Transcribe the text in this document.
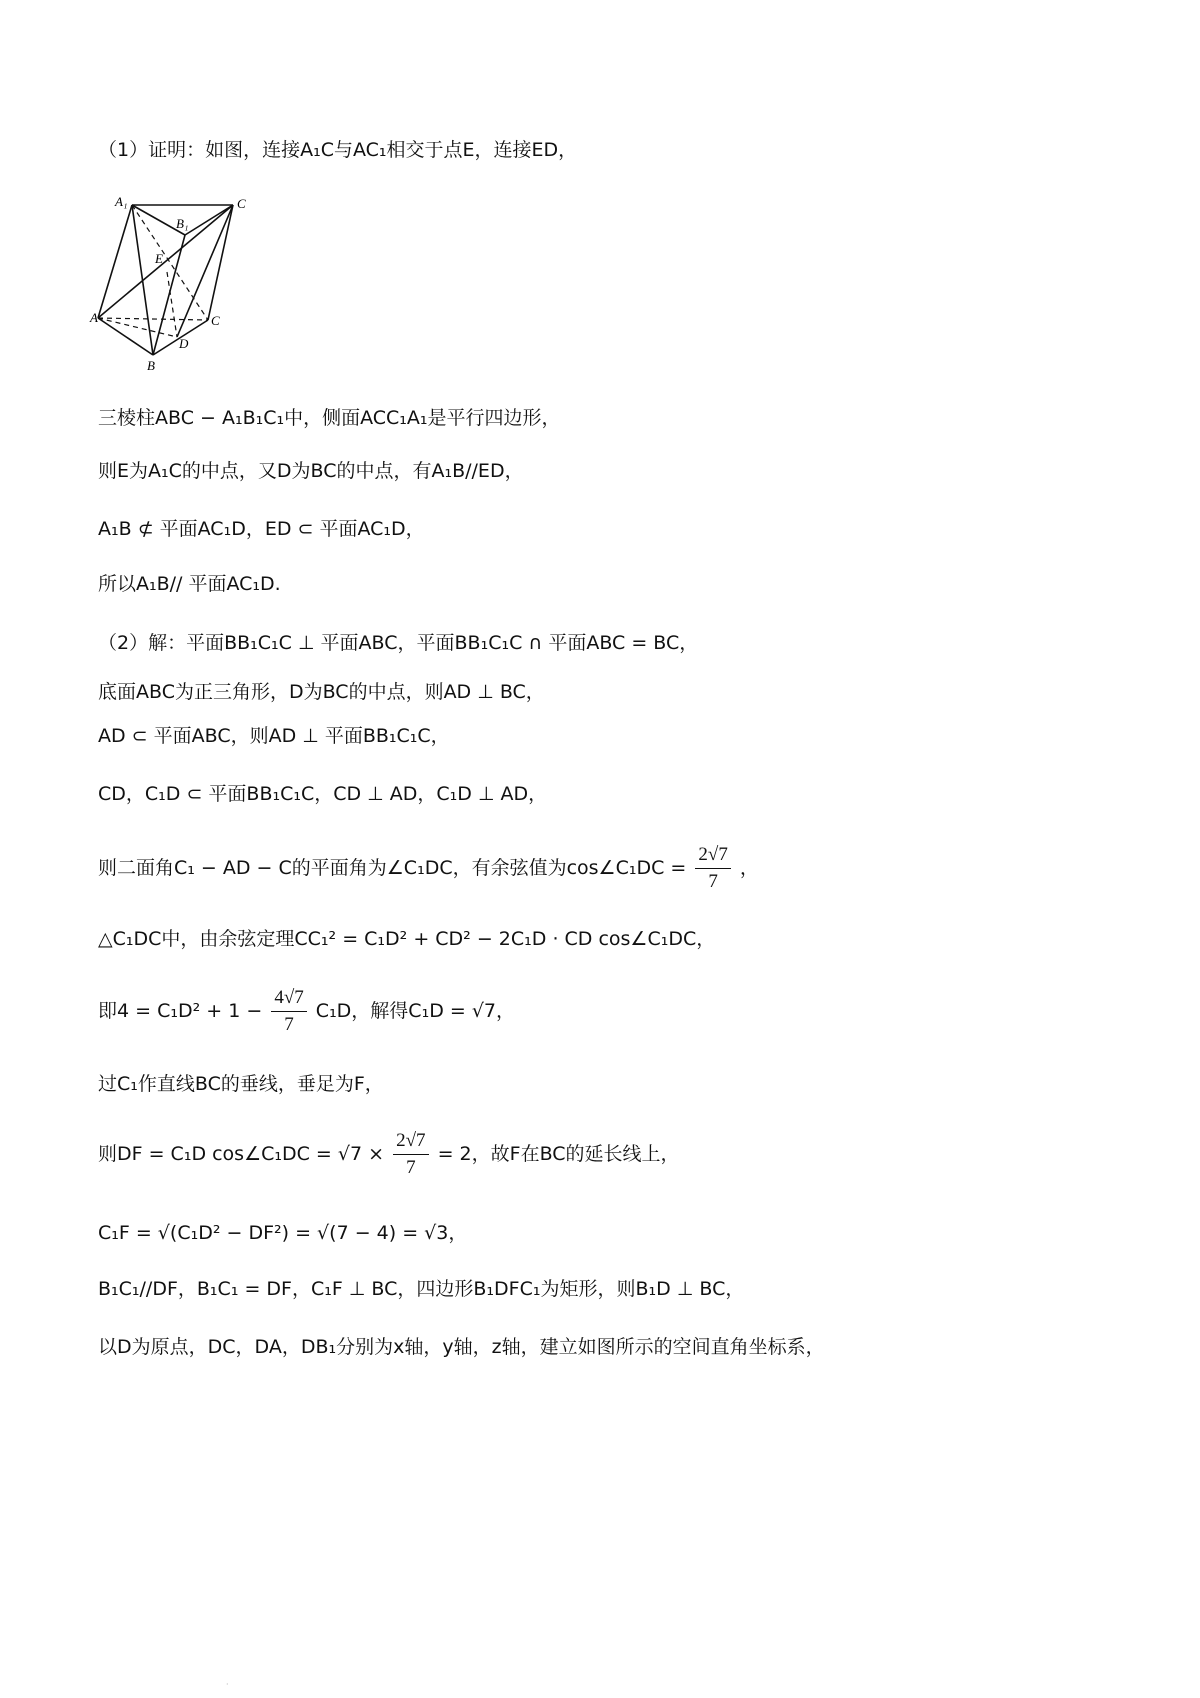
（1）证明：如图，连接A₁C与AC₁相交于点E，连接ED，
A₁	C
B₁
E
A	C
D
B
三棱柱ABC − A₁B₁C₁中，侧面ACC₁A₁是平行四边形，
则E为A₁C的中点，又D为BC的中点，有A₁B//ED，
A₁B ⊄ 平面AC₁D，ED ⊂ 平面AC₁D，
所以A₁B// 平面AC₁D.
（2）解：平面BB₁C₁C ⊥ 平面ABC，平面BB₁C₁C ∩ 平面ABC = BC，
底面ABC为正三角形，D为BC的中点，则AD ⊥ BC，
AD ⊂ 平面ABC，则AD ⊥ 平面BB₁C₁C，
CD，C₁D ⊂ 平面BB₁C₁C，CD ⊥ AD，C₁D ⊥ AD，
则二面角C₁ − AD − C的平面角为∠C₁DC，有余弦值为cos∠C₁DC = $\frac{2√7}{7}$ ，
△C₁DC中，由余弦定理CC₁² = C₁D² + CD² − 2C₁D · CD cos∠C₁DC，
即$4 = C_1D^2 + 1 - \frac{4√7}{7} C_1D$，解得C₁D = √7，
过C₁作直线BC的垂线，垂足为F，
则DF = C₁D cos∠C₁DC = $√7 \times \frac{2√7}{7} = 2$，故F在BC的延长线上，
C₁F = √(C₁D² − DF²) = √(7 − 4) = √3，
B₁C₁//DF，B₁C₁ = DF，C₁F ⊥ BC，四边形B₁DFC₁为矩形，则B₁D ⊥ BC，
以D为原点，DC，DA，DB₁分别为x轴，y轴，z轴，建立如图所示的空间直角坐标系，
·
